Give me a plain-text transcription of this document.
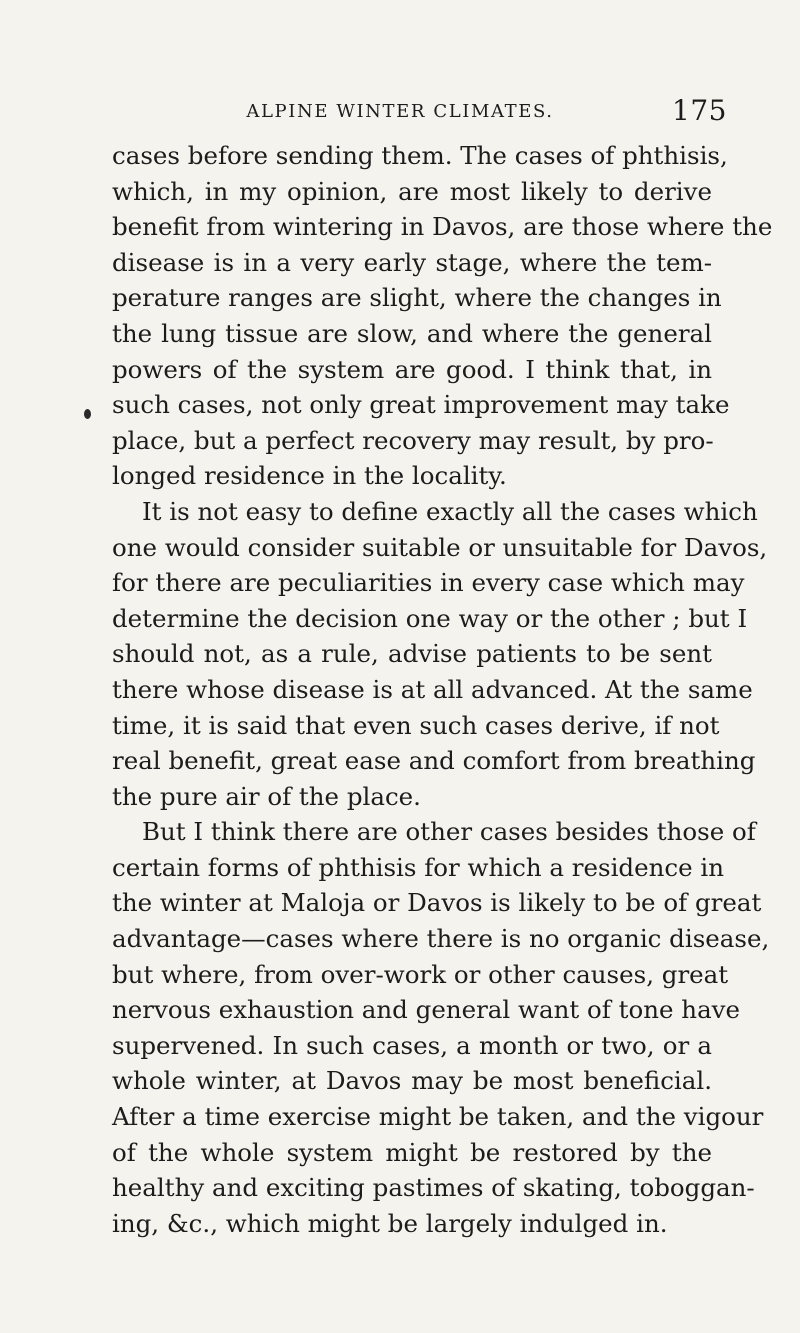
ALPINE WINTER CLIMATES.	175
cases before sending them. The cases of phthisis,
which, in my opinion, are most likely to derive
benefit from wintering in Davos, are those where the
disease is in a very early stage, where the tem-
perature ranges are slight, where the changes in
the lung tissue are slow, and where the general
powers of the system are good. I think that, in
such cases, not only great improvement may take
place, but a perfect recovery may result, by pro-
longed residence in the locality.
It is not easy to define exactly all the cases which
one would consider suitable or unsuitable for Davos,
for there are peculiarities in every case which may
determine the decision one way or the other ; but I
should not, as a rule, advise patients to be sent
there whose disease is at all advanced. At the same
time, it is said that even such cases derive, if not
real benefit, great ease and comfort from breathing
the pure air of the place.
But I think there are other cases besides those of
certain forms of phthisis for which a residence in
the winter at Maloja or Davos is likely to be of great
advantage—cases where there is no organic disease,
but where, from over-work or other causes, great
nervous exhaustion and general want of tone have
supervened. In such cases, a month or two, or a
whole winter, at Davos may be most beneficial.
After a time exercise might be taken, and the vigour
of the whole system might be restored by the
healthy and exciting pastimes of skating, toboggan-
ing, &c., which might be largely indulged in.
